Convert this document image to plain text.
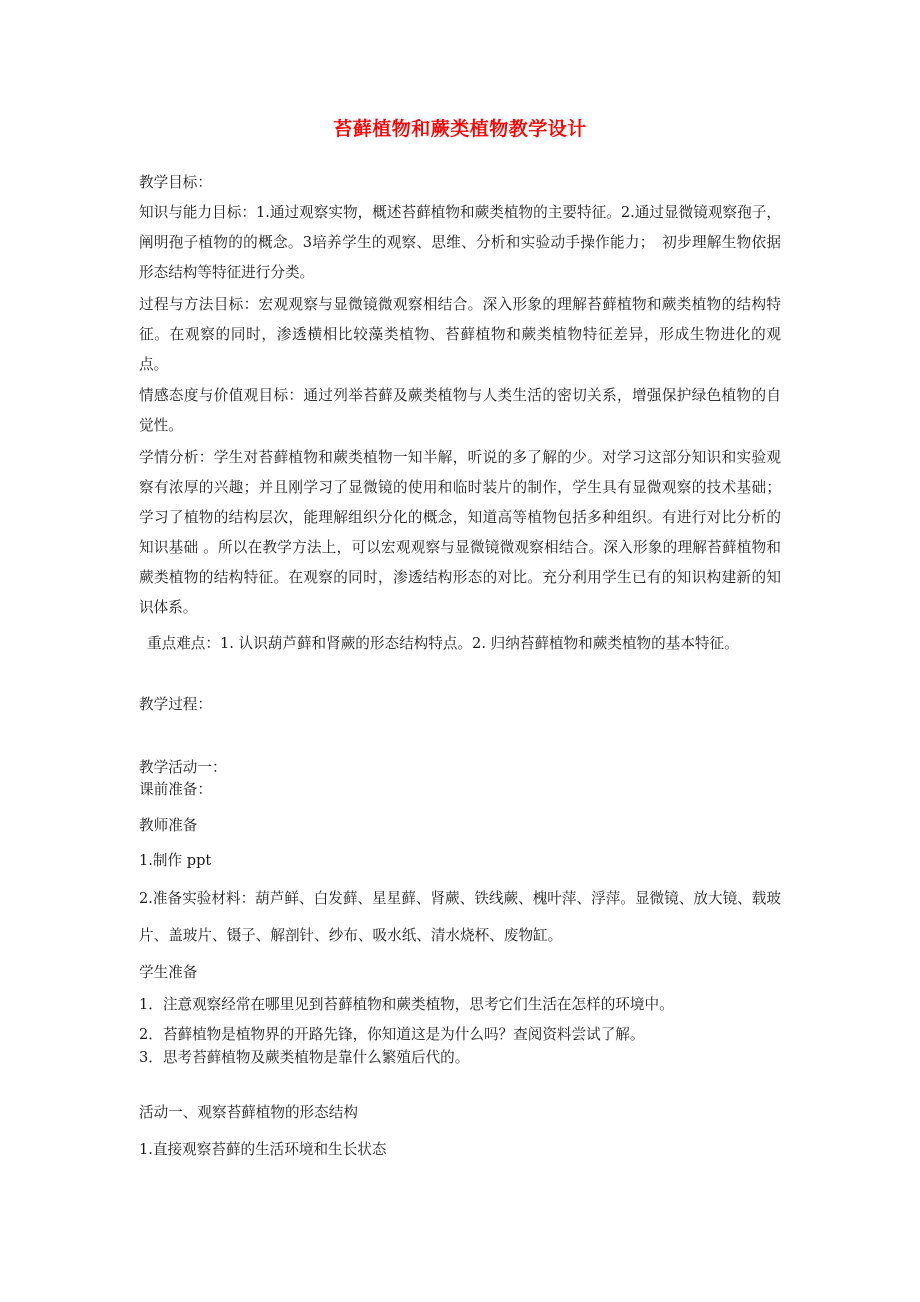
苔藓植物和蕨类植物教学设计
教学目标：
知识与能力目标：1.通过观察实物，概述苔藓植物和蕨类植物的主要特征。2.通过显微镜观察孢子，阐明孢子植物的的概念。3培养学生的观察、思维、分析和实验动手操作能力；　初步理解生物依据形态结构等特征进行分类。
过程与方法目标：宏观观察与显微镜微观察相结合。深入形象的理解苔藓植物和蕨类植物的结构特征。在观察的同时，渗透横相比较藻类植物、苔藓植物和蕨类植物特征差异，形成生物进化的观点。
情感态度与价值观目标：通过列举苔藓及蕨类植物与人类生活的密切关系，增强保护绿色植物的自觉性。
学情分析：学生对苔藓植物和蕨类植物一知半解，听说的多了解的少。对学习这部分知识和实验观察有浓厚的兴趣；并且刚学习了显微镜的使用和临时装片的制作，学生具有显微观察的技术基础；学习了植物的结构层次，能理解组织分化的概念，知道高等植物包括多种组织。有进行对比分析的知识基础 。所以在教学方法上，可以宏观观察与显微镜微观察相结合。深入形象的理解苔藓植物和蕨类植物的结构特征。在观察的同时，渗透结构形态的对比。充分利用学生已有的知识构建新的知识体系。
重点难点：1. 认识葫芦藓和肾蕨的形态结构特点。2. 归纳苔藓植物和蕨类植物的基本特征。
教学过程：
教学活动一：
课前准备：
教师准备
1.制作 ppt
2.准备实验材料：葫芦鲜、白发藓、星星藓、肾蕨、铁线蕨、槐叶萍、浮萍。显微镜、放大镜、载玻片、盖玻片、镊子、解剖针、纱布、吸水纸、清水烧杯、废物缸。
学生准备
1．注意观察经常在哪里见到苔藓植物和蕨类植物，思考它们生活在怎样的环境中。
2．苔藓植物是植物界的开路先锋，你知道这是为什么吗？查阅资料尝试了解。
3．思考苔藓植物及蕨类植物是靠什么繁殖后代的。
活动一、观察苔藓植物的形态结构
1.直接观察苔藓的生活环境和生长状态
